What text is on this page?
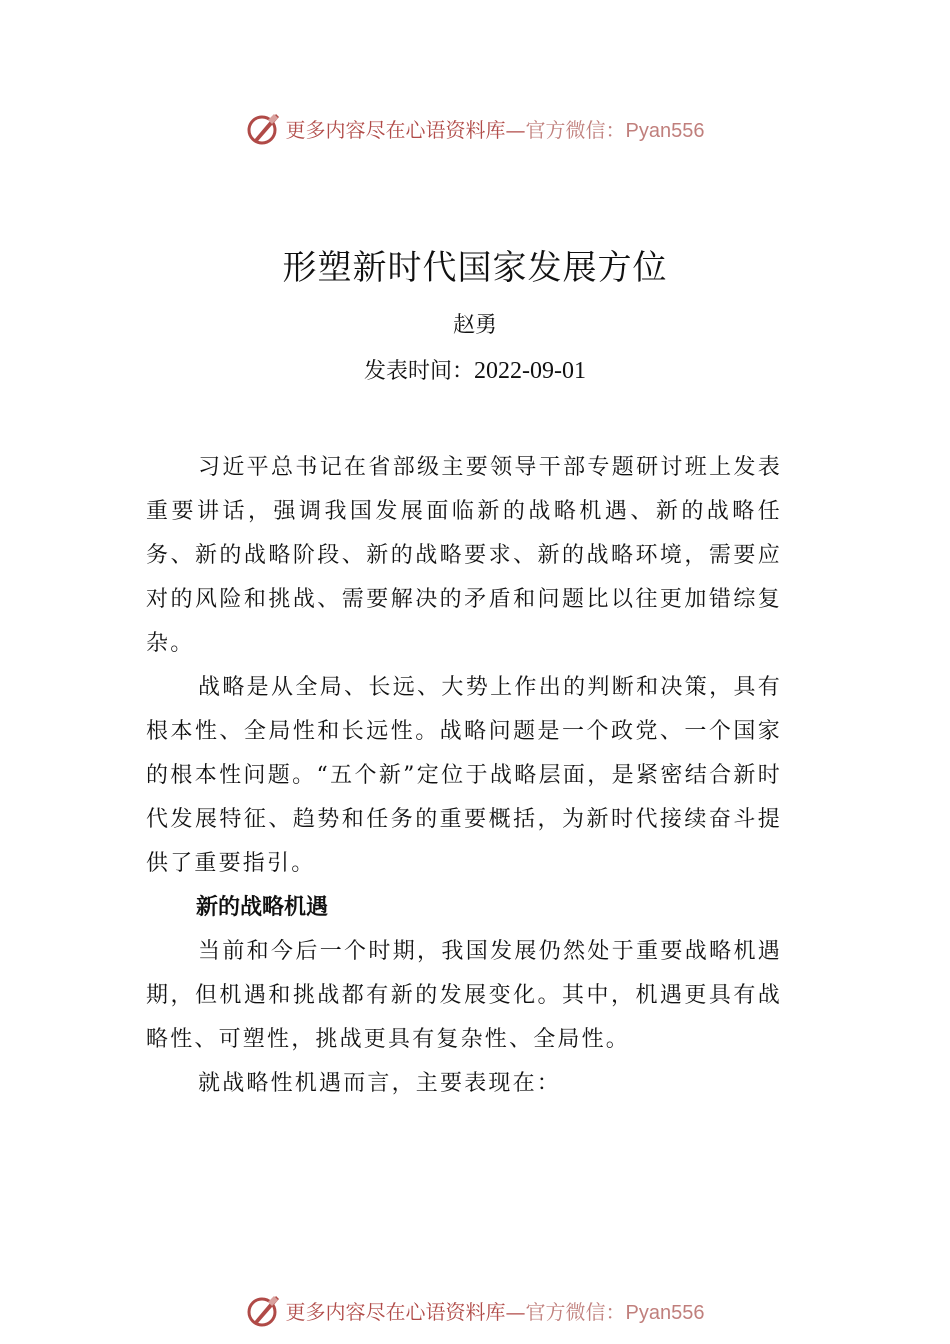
更多内容尽在心语资料库—官方微信：Pyan556
形塑新时代国家发展方位
赵勇
发表时间：2022-09-01

习近平总书记在省部级主要领导干部专题研讨班上发表重要讲话，强调我国发展面临新的战略机遇、新的战略任务、新的战略阶段、新的战略要求、新的战略环境，需要应对的风险和挑战、需要解决的矛盾和问题比以往更加错综复杂。

战略是从全局、长远、大势上作出的判断和决策，具有根本性、全局性和长远性。战略问题是一个政党、一个国家的根本性问题。“五个新”定位于战略层面，是紧密结合新时代发展特征、趋势和任务的重要概括，为新时代接续奋斗提供了重要指引。

新的战略机遇

当前和今后一个时期，我国发展仍然处于重要战略机遇期，但机遇和挑战都有新的发展变化。其中，机遇更具有战略性、可塑性，挑战更具有复杂性、全局性。

就战略性机遇而言，主要表现在：

更多内容尽在心语资料库—官方微信：Pyan556
